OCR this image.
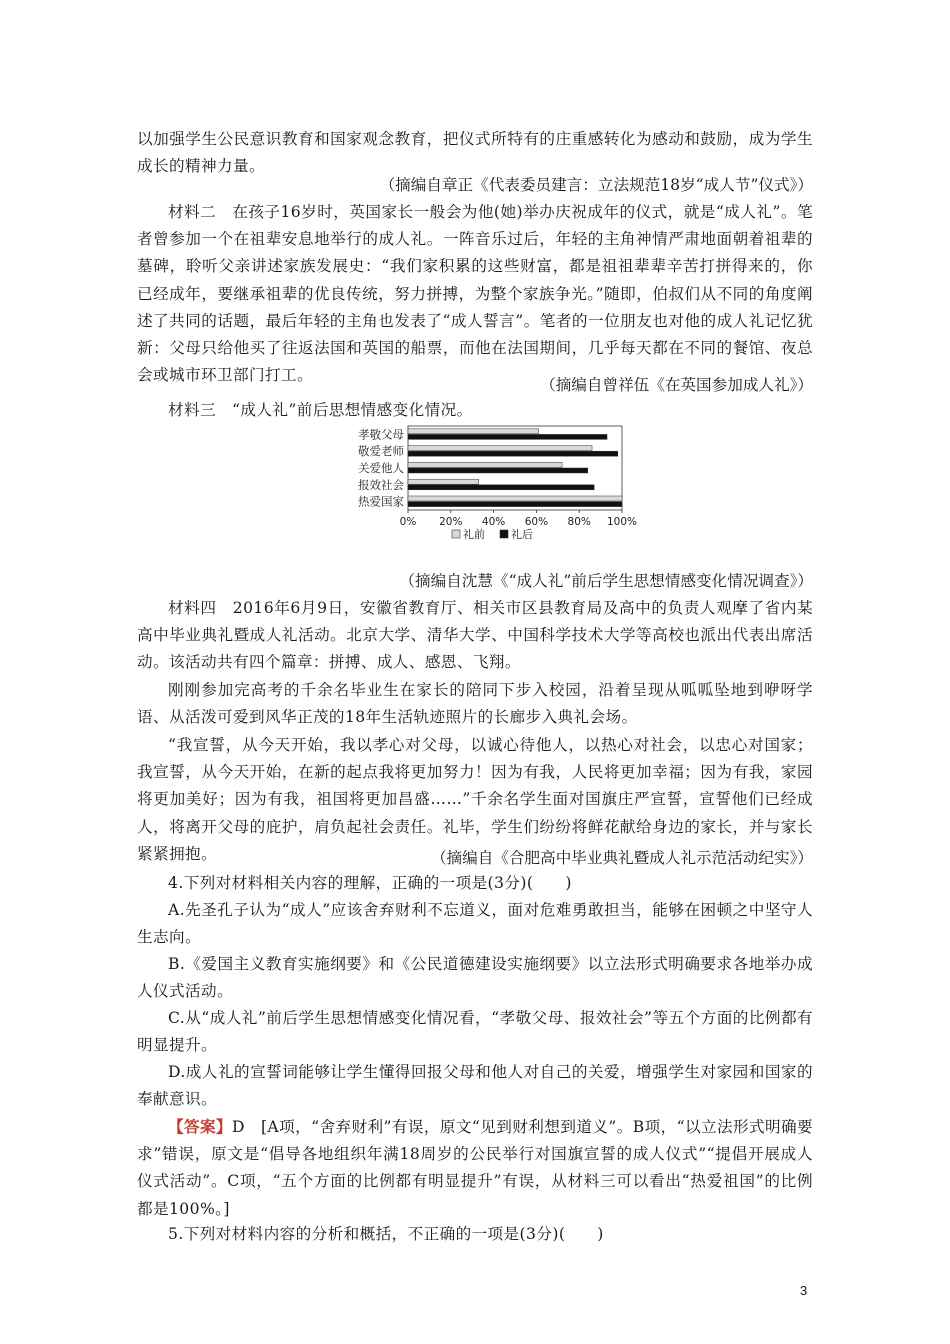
以加强学生公民意识教育和国家观念教育，把仪式所特有的庄重感转化为感动和鼓励，成为学生成长的精神力量。

（摘编自章正《代表委员建言：立法规范18岁“成人节”仪式》）

材料二　在孩子16岁时，英国家长一般会为他(她)举办庆祝成年的仪式，就是“成人礼”。笔者曾参加一个在祖辈安息地举行的成人礼。一阵音乐过后，年轻的主角神情严肃地面朝着祖辈的墓碑，聆听父亲讲述家族发展史：“我们家积累的这些财富，都是祖祖辈辈辛苦打拼得来的，你已经成年，要继承祖辈的优良传统，努力拼搏，为整个家族争光。”随即，伯叔们从不同的角度阐述了共同的话题，最后年轻的主角也发表了“成人誓言”。笔者的一位朋友也对他的成人礼记忆犹新：父母只给他买了往返法国和英国的船票，而他在法国期间，几乎每天都在不同的餐馆、夜总会或城市环卫部门打工。

（摘编自曾祥伍《在英国参加成人礼》）

材料三　“成人礼”前后思想情感变化情况。

孝敬父母
敬爱老师
关爱他人
报效社会
热爱国家
0% 20% 40% 60% 80% 100%
礼前 礼后

（摘编自沈慧《“成人礼”前后学生思想情感变化情况调查》）

材料四　2016年6月9日，安徽省教育厅、相关市区县教育局及高中的负责人观摩了省内某高中毕业典礼暨成人礼活动。北京大学、清华大学、中国科学技术大学等高校也派出代表出席活动。该活动共有四个篇章：拼搏、成人、感恩、飞翔。

刚刚参加完高考的千余名毕业生在家长的陪同下步入校园，沿着呈现从呱呱坠地到咿呀学语、从活泼可爱到风华正茂的18年生活轨迹照片的长廊步入典礼会场。

“我宣誓，从今天开始，我以孝心对父母，以诚心待他人，以热心对社会，以忠心对国家；我宣誓，从今天开始，在新的起点我将更加努力！因为有我，人民将更加幸福；因为有我，家园将更加美好；因为有我，祖国将更加昌盛……”千余名学生面对国旗庄严宣誓，宣誓他们已经成人，将离开父母的庇护，肩负起社会责任。礼毕，学生们纷纷将鲜花献给身边的家长，并与家长紧紧拥抱。	（摘编自《合肥高中毕业典礼暨成人礼示范活动纪实》）

4.下列对材料相关内容的理解，正确的一项是(3分)(　　)

A.先圣孔子认为“成人”应该舍弃财利不忘道义，面对危难勇敢担当，能够在困顿之中坚守人生志向。

B.《爱国主义教育实施纲要》和《公民道德建设实施纲要》以立法形式明确要求各地举办成人仪式活动。

C.从“成人礼”前后学生思想情感变化情况看，“孝敬父母、报效社会”等五个方面的比例都有明显提升。

D.成人礼的宣誓词能够让学生懂得回报父母和他人对自己的关爱，增强学生对家园和国家的奉献意识。

【答案】D　[A项，“舍弃财利”有误，原文“见到财利想到道义”。B项，“以立法形式明确要求”错误，原文是“倡导各地组织年满18周岁的公民举行对国旗宣誓的成人仪式”“提倡开展成人仪式活动”。C项，“五个方面的比例都有明显提升”有误，从材料三可以看出“热爱祖国”的比例都是100%。]

5.下列对材料内容的分析和概括，不正确的一项是(3分)(　　)

3
